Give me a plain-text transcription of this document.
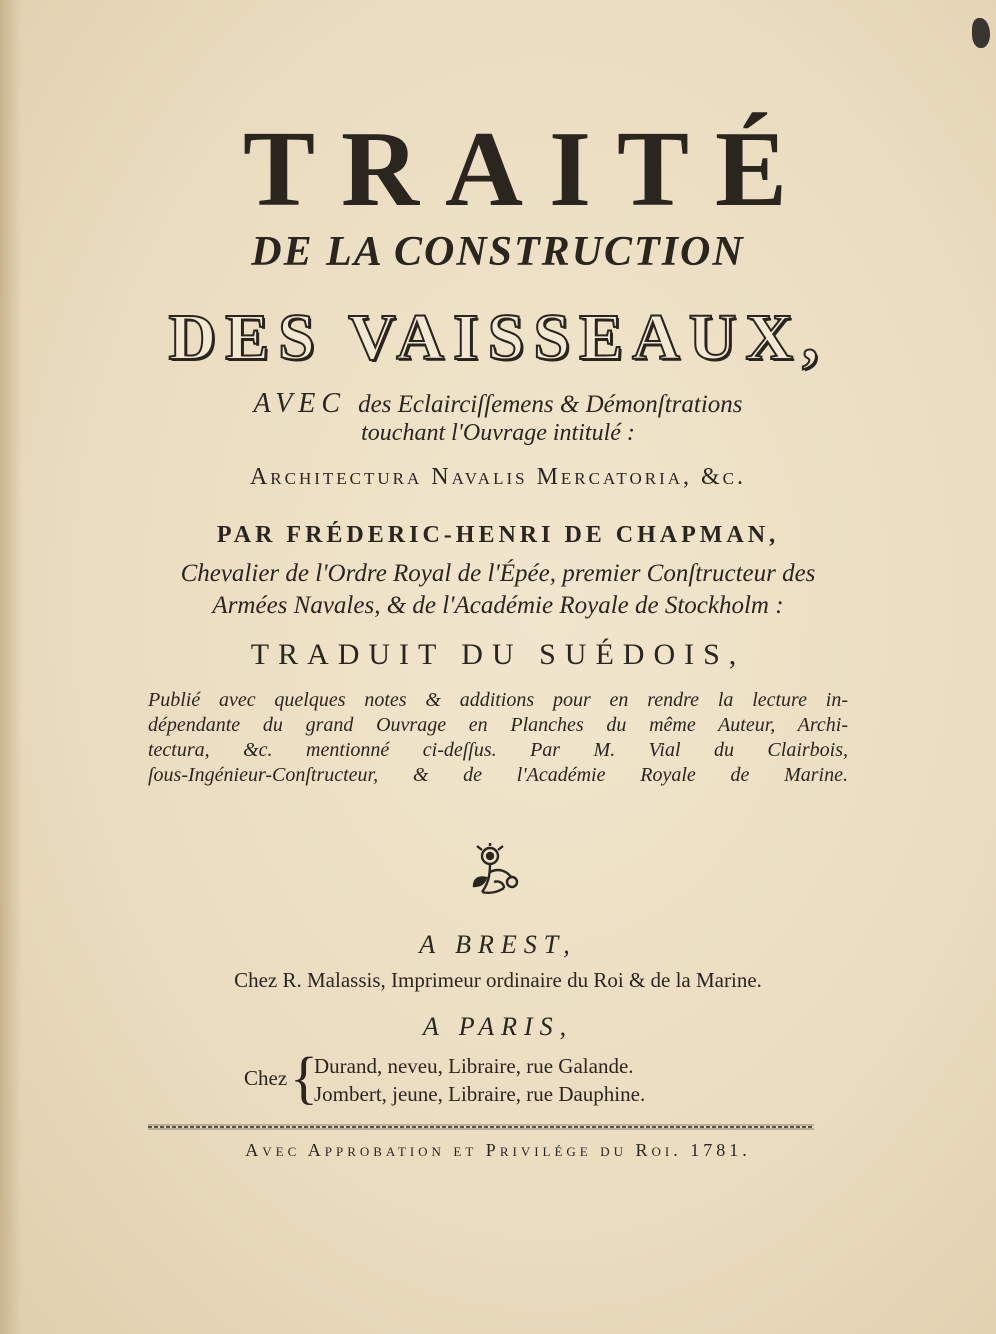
TRAITÉ
DE LA CONSTRUCTION
DES VAISSEAUX,
AVEC des Eclairciſſemens & Démonſtrations
touchant l'Ouvrage intitulé :
Architectura Navalis Mercatoria, &c.
PAR FRÉDERIC-HENRI DE CHAPMAN,
Chevalier de l'Ordre Royal de l'Épée, premier Conſtructeur des
Armées Navales, & de l'Académie Royale de Stockholm :
TRADUIT DU SUÉDOIS,
Publié avec quelques notes & additions pour en rendre la lecture in-
dépendante du grand Ouvrage en Planches du même Auteur, Archi-
tectura, &c. mentionné ci-deſſus. Par M. Vial du Clairbois,
ſous-Ingénieur-Conſtructeur, & de l'Académie Royale de Marine.
A BREST,
Chez R. Malassis, Imprimeur ordinaire du Roi & de la Marine.
A PARIS,
Chez {
Durand, neveu, Libraire, rue Galande.
Jombert, jeune, Libraire, rue Dauphine.
Avec Approbation et Privilége du Roi. 1781.
